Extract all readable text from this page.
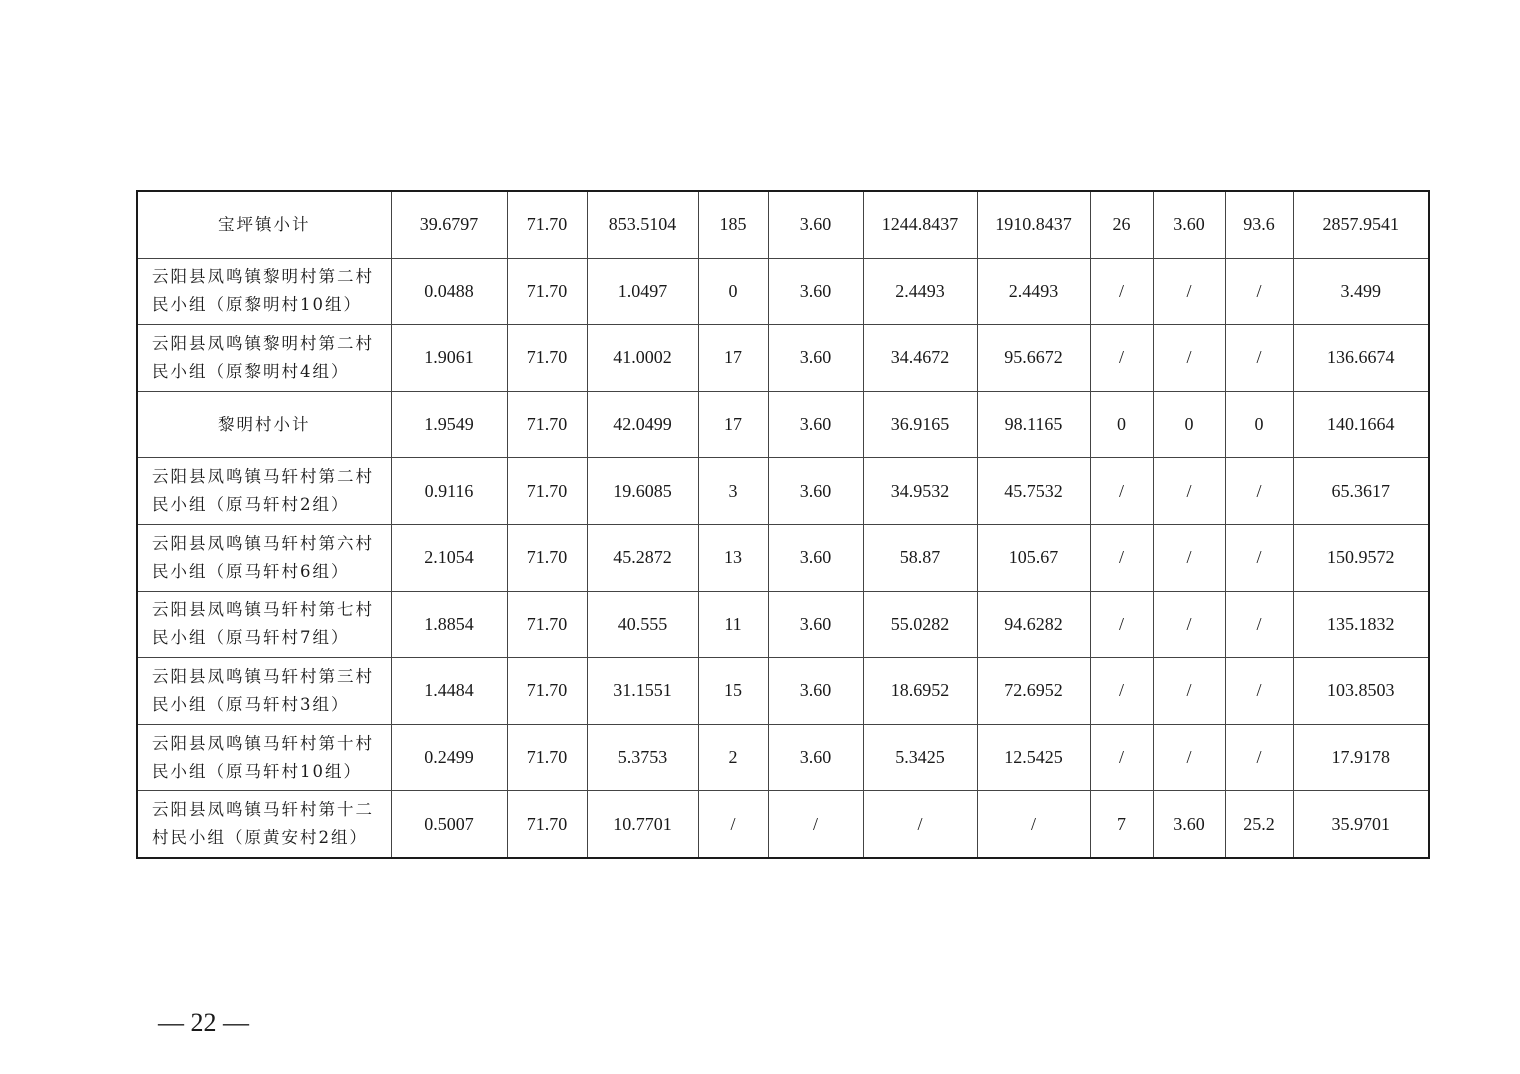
宝坪镇小计	39.6797	71.70	853.5104	185	3.60	1244.8437	1910.8437	26	3.60	93.6	2857.9541
云阳县凤鸣镇黎明村第二村民小组（原黎明村10组）	0.0488	71.70	1.0497	0	3.60	2.4493	2.4493	/	/	/	3.499
云阳县凤鸣镇黎明村第二村民小组（原黎明村4组）	1.9061	71.70	41.0002	17	3.60	34.4672	95.6672	/	/	/	136.6674
黎明村小计	1.9549	71.70	42.0499	17	3.60	36.9165	98.1165	0	0	0	140.1664
云阳县凤鸣镇马轩村第二村民小组（原马轩村2组）	0.9116	71.70	19.6085	3	3.60	34.9532	45.7532	/	/	/	65.3617
云阳县凤鸣镇马轩村第六村民小组（原马轩村6组）	2.1054	71.70	45.2872	13	3.60	58.87	105.67	/	/	/	150.9572
云阳县凤鸣镇马轩村第七村民小组（原马轩村7组）	1.8854	71.70	40.555	11	3.60	55.0282	94.6282	/	/	/	135.1832
云阳县凤鸣镇马轩村第三村民小组（原马轩村3组）	1.4484	71.70	31.1551	15	3.60	18.6952	72.6952	/	/	/	103.8503
云阳县凤鸣镇马轩村第十村民小组（原马轩村10组）	0.2499	71.70	5.3753	2	3.60	5.3425	12.5425	/	/	/	17.9178
云阳县凤鸣镇马轩村第十二村民小组（原黄安村2组）	0.5007	71.70	10.7701	/	/	/	/	7	3.60	25.2	35.9701
— 22 —
